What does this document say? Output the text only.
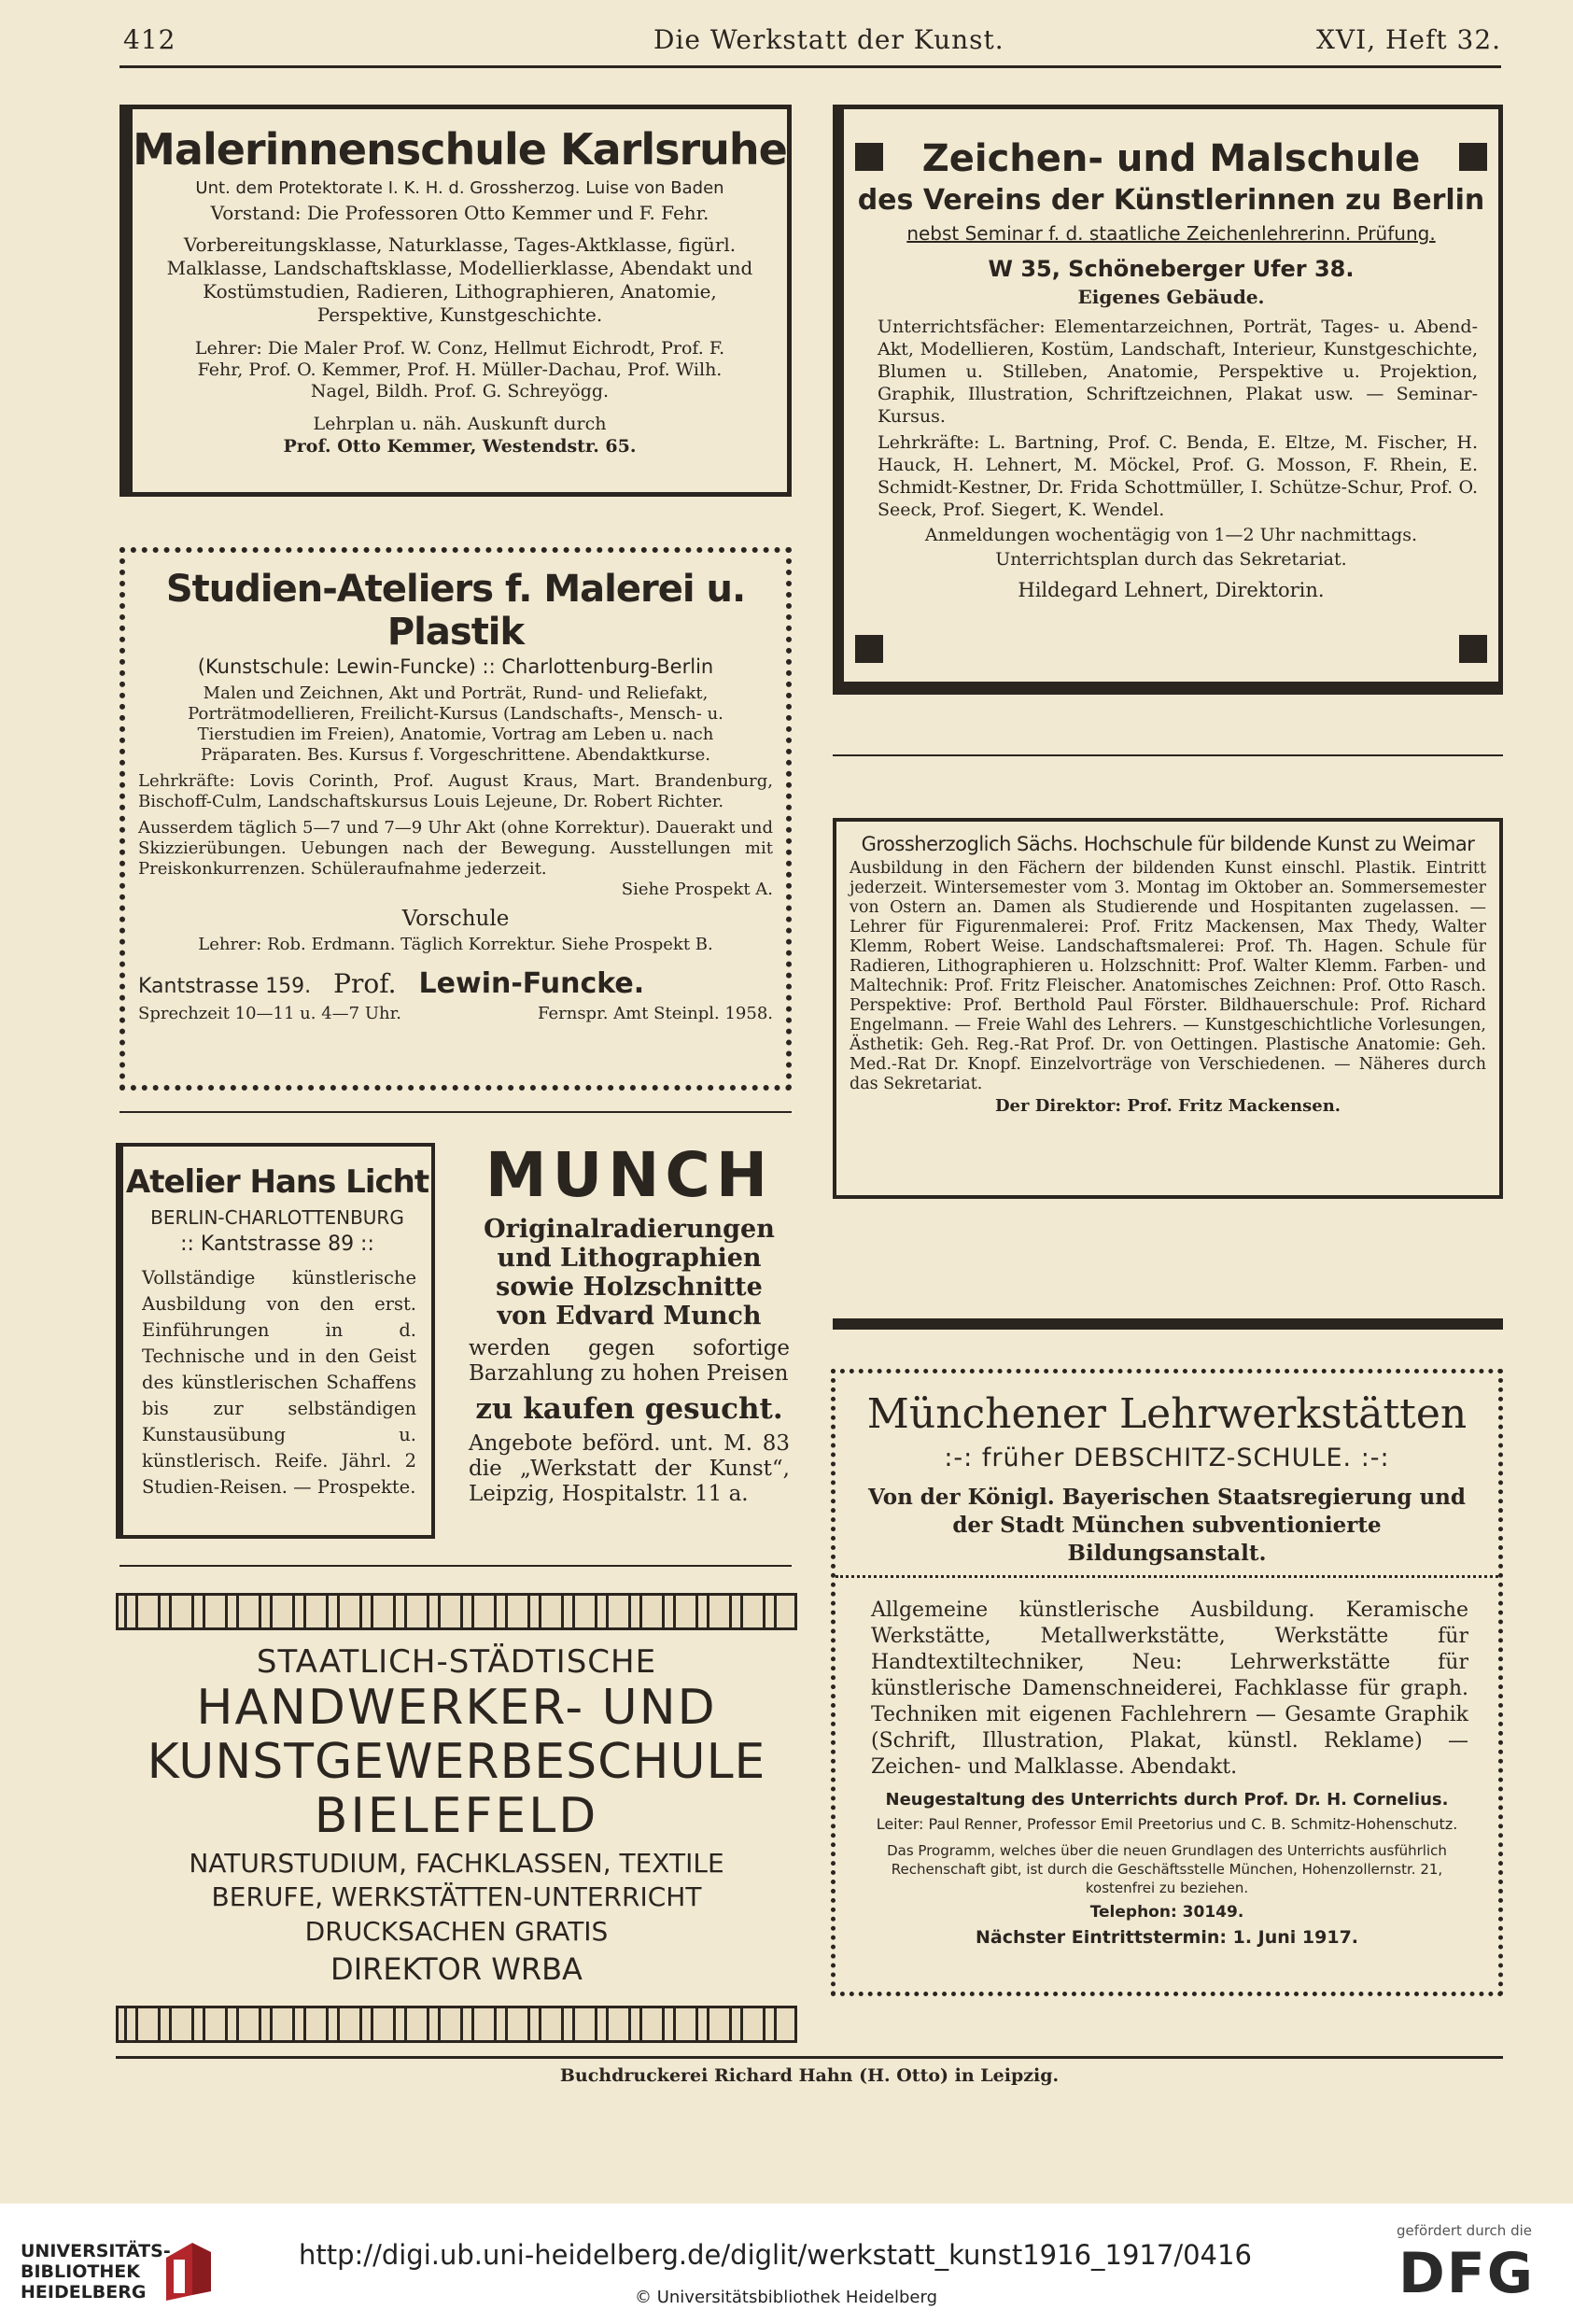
412	Die Werkstatt der Kunst.	XVI, Heft 32.
Malerinnenschule Karlsruhe
Unt. dem Protektorate I. K. H. d. Grossherzog. Luise von Baden
Vorstand: Die Professoren Otto Kemmer und F. Fehr.
Vorbereitungsklasse, Naturklasse, Tages-Aktklasse, figürl. Malklasse, Landschaftsklasse, Modellierklasse, Abendakt und Kostümstudien, Radieren, Lithographieren, Anatomie, Perspektive, Kunstgeschichte.
Lehrer: Die Maler Prof. W. Conz, Hellmut Eichrodt, Prof. F. Fehr, Prof. O. Kemmer, Prof. H. Müller-Dachau, Prof. Wilh. Nagel, Bildh. Prof. G. Schreyögg.
Lehrplan u. näh. Auskunft durch
Prof. Otto Kemmer, Westendstr. 65.
Zeichen- und Malschule
des Vereins der Künstlerinnen zu Berlin
nebst Seminar f. d. staatliche Zeichenlehrerinn. Prüfung.
W 35, Schöneberger Ufer 38.
Eigenes Gebäude.
Unterrichtsfächer: Elementarzeichnen, Porträt, Tages- u. Abend-Akt, Modellieren, Kostüm, Landschaft, Interieur, Kunstgeschichte, Blumen u. Stilleben, Anatomie, Perspektive u. Projektion, Graphik, Illustration, Schriftzeichnen, Plakat usw. — Seminar-Kursus.
Lehrkräfte: L. Bartning, Prof. C. Benda, E. Eltze, M. Fischer, H. Hauck, H. Lehnert, M. Möckel, Prof. G. Mosson, F. Rhein, E. Schmidt-Kestner, Dr. Frida Schottmüller, I. Schütze-Schur, Prof. O. Seeck, Prof. Siegert, K. Wendel.
Anmeldungen wochentägig von 1—2 Uhr nachmittags.
Unterrichtsplan durch das Sekretariat.
Hildegard Lehnert, Direktorin.
Studien-Ateliers f. Malerei u. Plastik
(Kunstschule: Lewin-Funcke) :: Charlottenburg-Berlin
Malen und Zeichnen, Akt und Porträt, Rund- und Reliefakt, Porträtmodellieren, Freilicht-Kursus (Landschafts-, Mensch- u. Tierstudien im Freien), Anatomie, Vortrag am Leben u. nach Präparaten. Bes. Kursus f. Vorgeschrittene. Abendaktkurse.
Lehrkräfte: Lovis Corinth, Prof. August Kraus, Mart. Brandenburg, Bischoff-Culm, Landschaftskursus Louis Lejeune, Dr. Robert Richter.
Ausserdem täglich 5—7 und 7—9 Uhr Akt (ohne Korrektur). Dauerakt und Skizzierübungen. Uebungen nach der Bewegung. Ausstellungen mit Preiskonkurrenzen. Schüleraufnahme jederzeit.
Siehe Prospekt A.
Vorschule
Lehrer: Rob. Erdmann. Täglich Korrektur. Siehe Prospekt B.
Kantstrasse 159. Prof. Lewin-Funcke.
Sprechzeit 10—11 u. 4—7 Uhr.	Fernspr. Amt Steinpl. 1958.
Grossherzoglich Sächs. Hochschule für bildende Kunst zu Weimar
Ausbildung in den Fächern der bildenden Kunst einschl. Plastik. Eintritt jederzeit. Wintersemester vom 3. Montag im Oktober an. Sommersemester von Ostern an. Damen als Studierende und Hospitanten zugelassen. — Lehrer für Figurenmalerei: Prof. Fritz Mackensen, Max Thedy, Walter Klemm, Robert Weise. Landschaftsmalerei: Prof. Th. Hagen. Schule für Radieren, Lithographieren u. Holzschnitt: Prof. Walter Klemm. Farben- und Maltechnik: Prof. Fritz Fleischer. Anatomisches Zeichnen: Prof. Otto Rasch. Perspektive: Prof. Berthold Paul Förster. Bildhauerschule: Prof. Richard Engelmann. — Freie Wahl des Lehrers. — Kunstgeschichtliche Vorlesungen, Ästhetik: Geh. Reg.-Rat Prof. Dr. von Oettingen. Plastische Anatomie: Geh. Med.-Rat Dr. Knopf. Einzelvorträge von Verschiedenen. — Näheres durch das Sekretariat.
Der Direktor: Prof. Fritz Mackensen.
Atelier Hans Licht
BERLIN-CHARLOTTENBURG
:: Kantstrasse 89 ::
Vollständige künstlerische Ausbildung von den erst. Einführungen in d. Technische und in den Geist des künstlerischen Schaffens bis zur selbständigen Kunstausübung u. künstlerisch. Reife. Jährl. 2 Studien-Reisen. — Prospekte.
MUNCH
Originalradierungen
und Lithographien
sowie Holzschnitte
von Edvard Munch
werden gegen sofortige Barzahlung zu hohen Preisen
zu kaufen gesucht.
Angebote beförd. unt. M. 83 die „Werkstatt der Kunst“, Leipzig, Hospitalstr. 11 a.
STAATLICH-STÄDTISCHE
HANDWERKER- UND
KUNSTGEWERBESCHULE
BIELEFELD
NATURSTUDIUM, FACHKLASSEN, TEXTILE
BERUFE, WERKSTÄTTEN-UNTERRICHT
DRUCKSACHEN GRATIS
DIREKTOR WRBA
Münchener Lehrwerkstätten
:-: früher DEBSCHITZ-SCHULE. :-:
Von der Königl. Bayerischen Staatsregierung und der Stadt München subventionierte Bildungsanstalt.
Allgemeine künstlerische Ausbildung. Keramische Werkstätte, Metallwerkstätte, Werkstätte für Handtextiltechniker, Neu: Lehrwerkstätte für künstlerische Damenschneiderei, Fachklasse für graph. Techniken mit eigenen Fachlehrern — Gesamte Graphik (Schrift, Illustration, Plakat, künstl. Reklame) — Zeichen- und Malklasse. Abendakt.
Neugestaltung des Unterrichts durch Prof. Dr. H. Cornelius.
Leiter: Paul Renner, Professor Emil Preetorius und C. B. Schmitz-Hohenschutz.
Das Programm, welches über die neuen Grundlagen des Unterrichts ausführlich Rechenschaft gibt, ist durch die Geschäftsstelle München, Hohenzollernstr. 21, kostenfrei zu beziehen.
Telephon: 30149.
Nächster Eintrittstermin: 1. Juni 1917.
Buchdruckerei Richard Hahn (H. Otto) in Leipzig.
UNIVERSITÄTS-
BIBLIOTHEK
HEIDELBERG
http://digi.ub.uni-heidelberg.de/diglit/werkstatt_kunst1916_1917/0416
© Universitätsbibliothek Heidelberg
gefördert durch die
DFG
